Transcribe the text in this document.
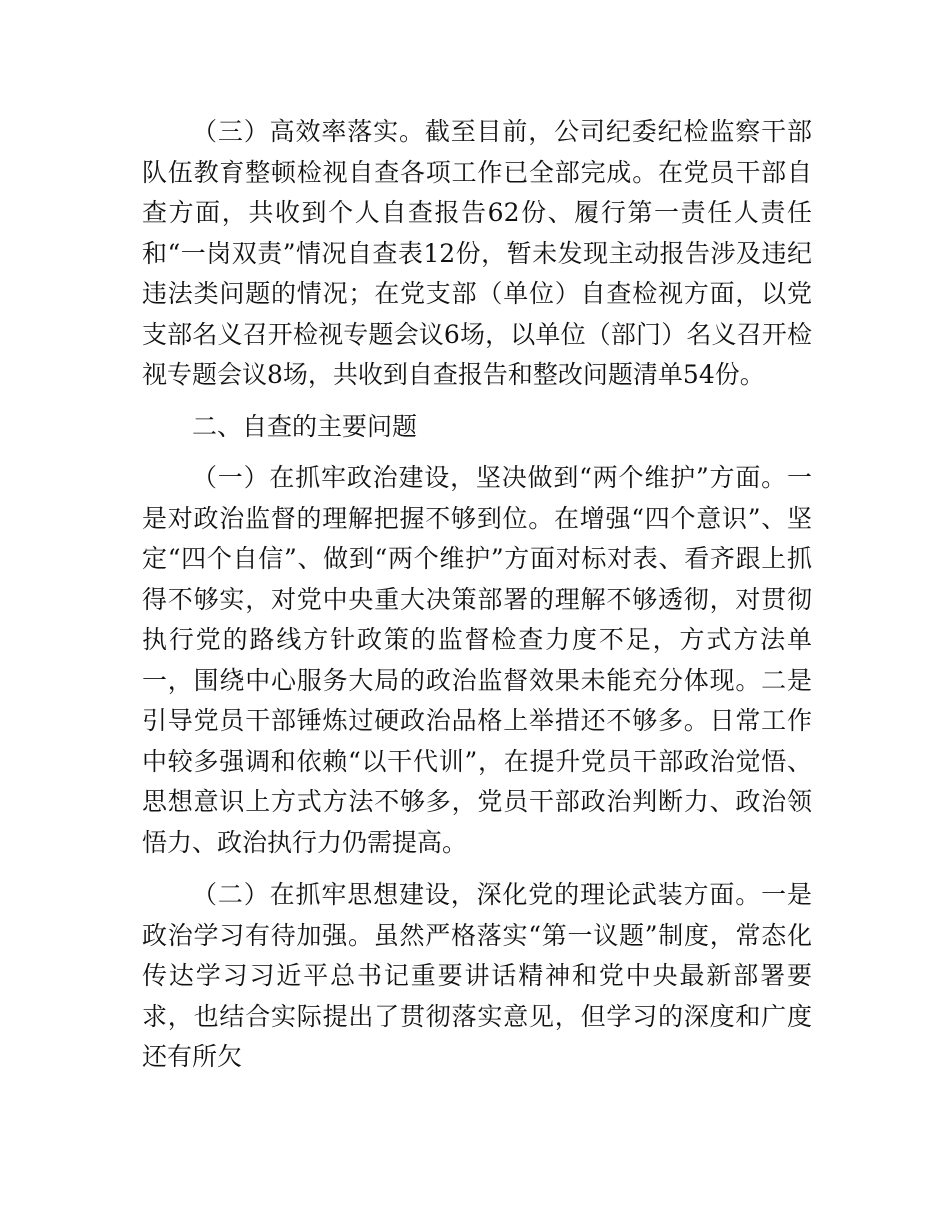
（三）高效率落实。截至目前，公司纪委纪检监察干部队伍教育整顿检视自查各项工作已全部完成。在党员干部自查方面，共收到个人自查报告62份、履行第一责任人责任和“一岗双责”情况自查表12份，暂未发现主动报告涉及违纪违法类问题的情况；在党支部（单位）自查检视方面，以党支部名义召开检视专题会议6场，以单位（部门）名义召开检视专题会议8场，共收到自查报告和整改问题清单54份。

二、自查的主要问题

（一）在抓牢政治建设，坚决做到“两个维护”方面。一是对政治监督的理解把握不够到位。在增强“四个意识”、坚定“四个自信”、做到“两个维护”方面对标对表、看齐跟上抓得不够实，对党中央重大决策部署的理解不够透彻，对贯彻执行党的路线方针政策的监督检查力度不足，方式方法单一，围绕中心服务大局的政治监督效果未能充分体现。二是引导党员干部锤炼过硬政治品格上举措还不够多。日常工作中较多强调和依赖“以干代训”，在提升党员干部政治觉悟、思想意识上方式方法不够多，党员干部政治判断力、政治领悟力、政治执行力仍需提高。

（二）在抓牢思想建设，深化党的理论武装方面。一是政治学习有待加强。虽然严格落实“第一议题”制度，常态化传达学习习近平总书记重要讲话精神和党中央最新部署要求，也结合实际提出了贯彻落实意见，但学习的深度和广度还有所欠
